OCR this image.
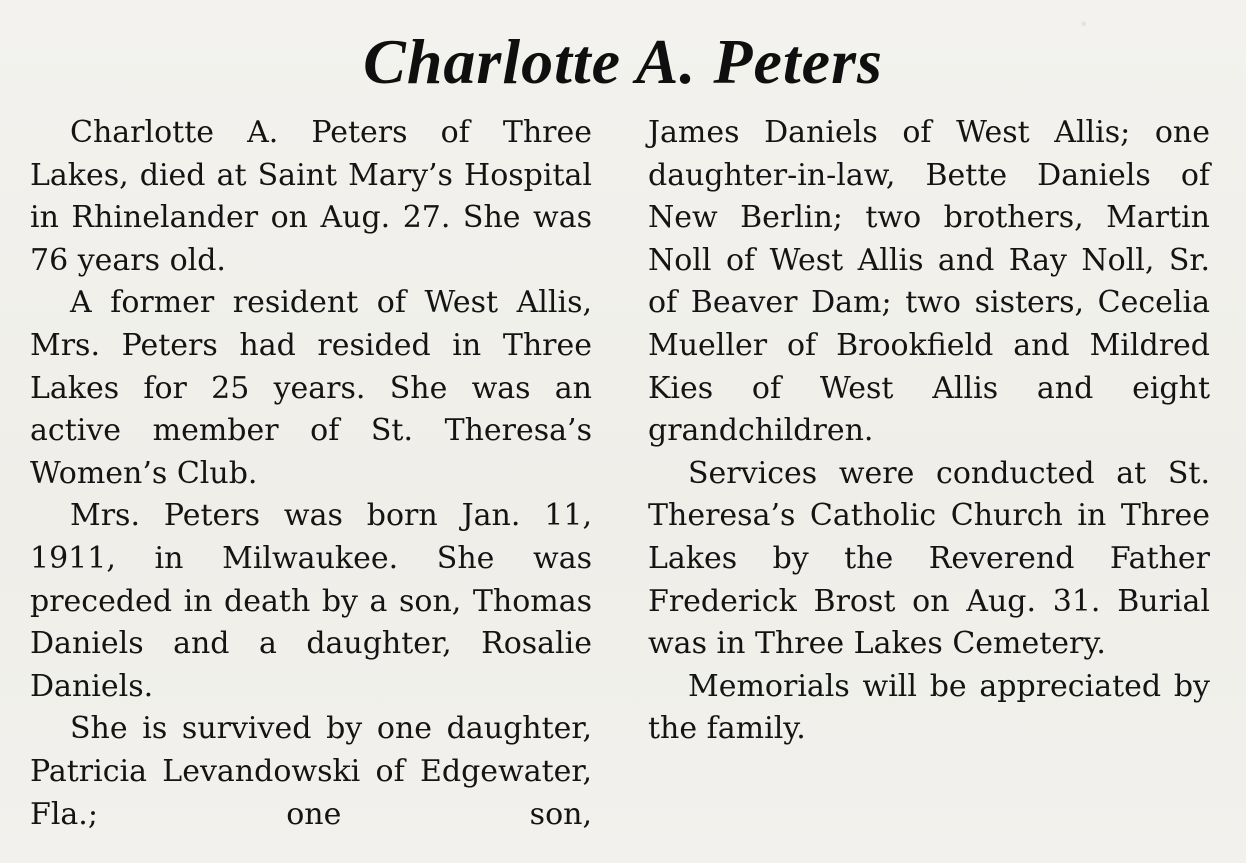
.
Charlotte A. Peters

Charlotte A. Peters of Three Lakes, died at Saint Mary’s Hospital in Rhinelander on Aug. 27. She was 76 years old.

A former resident of West Allis, Mrs. Peters had resided in Three Lakes for 25 years. She was an active member of St. Theresa’s Women’s Club.

Mrs. Peters was born Jan. 11, 1911, in Milwaukee. She was preceded in death by a son, Thomas Daniels and a daughter, Rosalie Daniels.

She is survived by one daughter, Patricia Levandowski of Edgewater, Fla.; one son,

James Daniels of West Allis; one daughter-in-law, Bette Daniels of New Berlin; two brothers, Martin Noll of West Allis and Ray Noll, Sr. of Beaver Dam; two sisters, Cecelia Mueller of Brookfield and Mildred Kies of West Allis and eight grandchildren.

Services were conducted at St. Theresa’s Catholic Church in Three Lakes by the Reverend Father Frederick Brost on Aug. 31. Burial was in Three Lakes Cemetery.

Memorials will be appreciated by the family.
